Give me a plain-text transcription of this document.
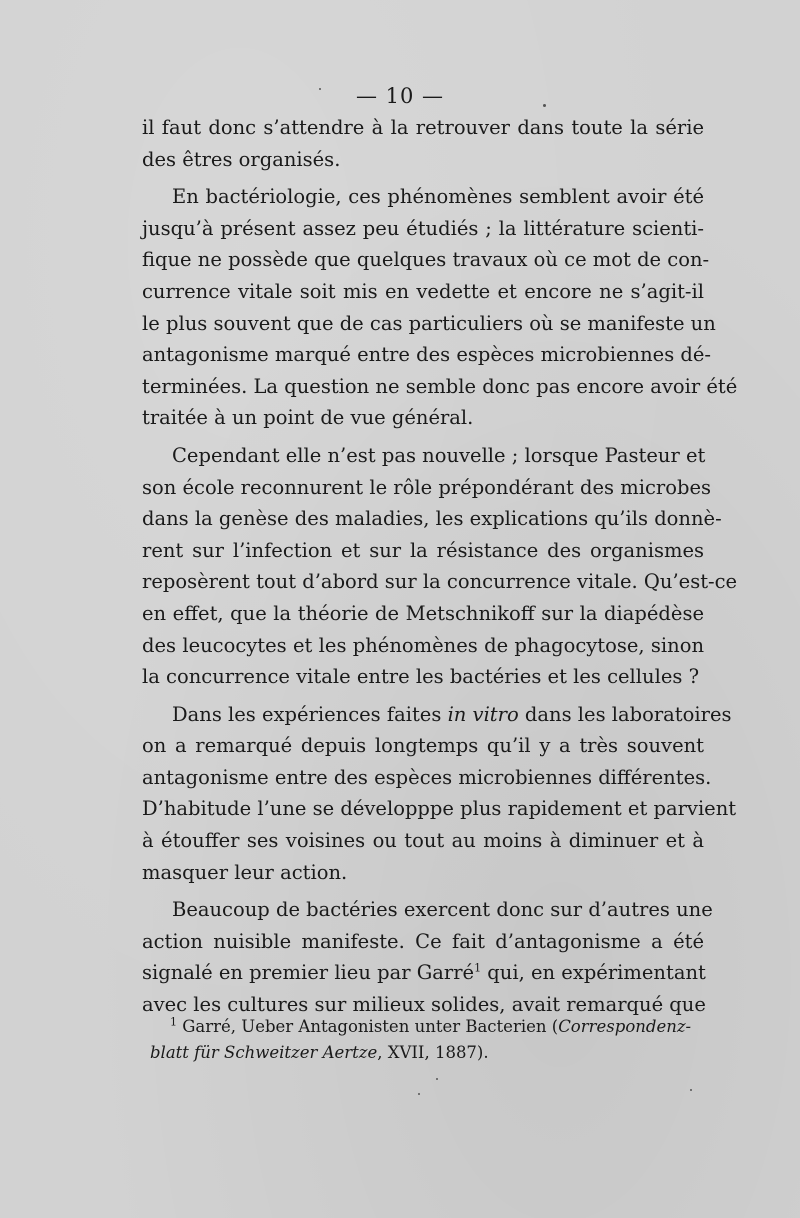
— 10 —
il faut donc s’attendre à la retrouver dans toute la série
des êtres organisés.
En bactériologie, ces phénomènes semblent avoir été
jusqu’à présent assez peu étudiés ; la littérature scienti-
fique ne possède que quelques travaux où ce mot de con-
currence vitale soit mis en vedette et encore ne s’agit-il
le plus souvent que de cas particuliers où se manifeste un
antagonisme marqué entre des espèces microbiennes dé-
terminées. La question ne semble donc pas encore avoir été
traitée à un point de vue général.
Cependant elle n’est pas nouvelle ; lorsque Pasteur et
son école reconnurent le rôle prépondérant des microbes
dans la genèse des maladies, les explications qu’ils donnè-
rent sur l’infection et sur la résistance des organismes
reposèrent tout d’abord sur la concurrence vitale. Qu’est-ce
en effet, que la théorie de Metschnikoff sur la diapédèse
des leucocytes et les phénomènes de phagocytose, sinon
la concurrence vitale entre les bactéries et les cellules ?
Dans les expériences faites in vitro dans les laboratoires
on a remarqué depuis longtemps qu’il y a très souvent
antagonisme entre des espèces microbiennes différentes.
D’habitude l’une se développpe plus rapidement et parvient
à étouffer ses voisines ou tout au moins à diminuer et à
masquer leur action.
Beaucoup de bactéries exercent donc sur d’autres une
action nuisible manifeste. Ce fait d’antagonisme a été
signalé en premier lieu par Garré$^1$ qui, en expérimentant
avec les cultures sur milieux solides, avait remarqué que
$^1$ Garré, Ueber Antagonisten unter Bacterien (Correspondenz-
blatt für Schweitzer Aertze, XVII, 1887).
